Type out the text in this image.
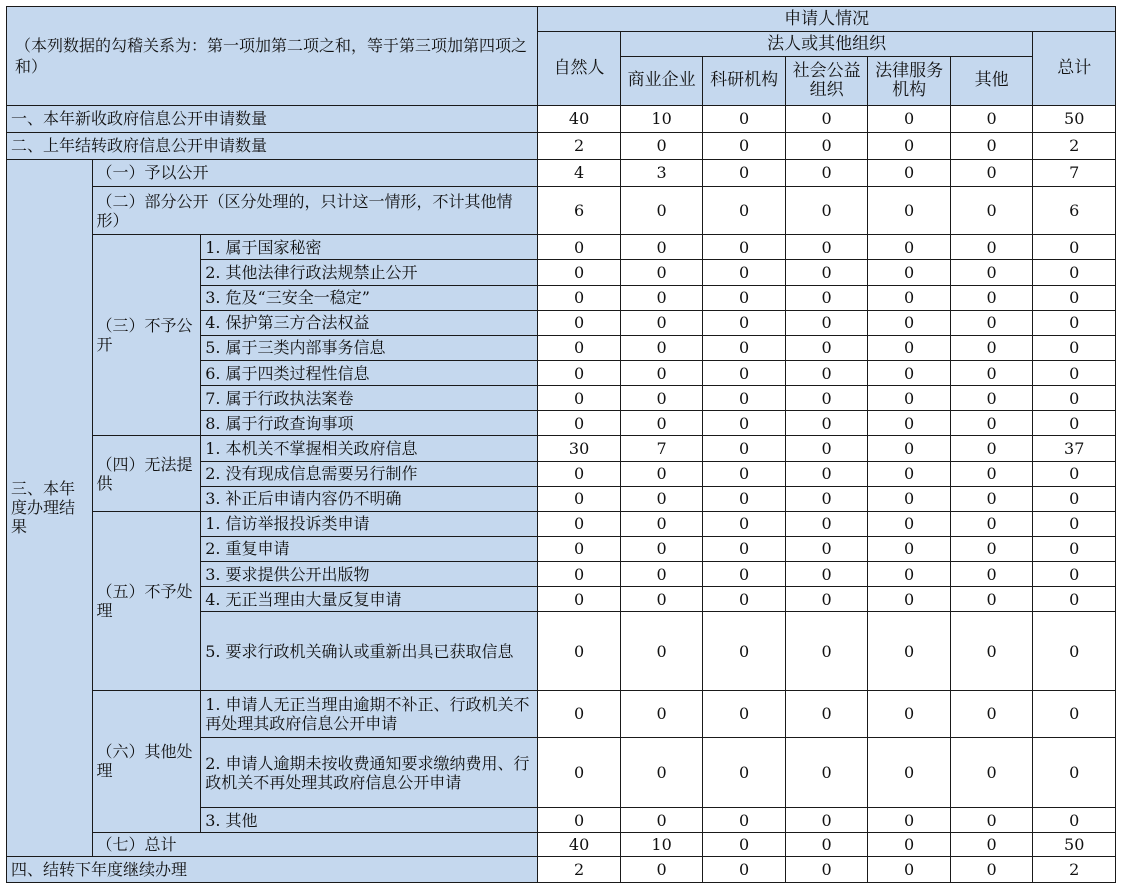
（本列数据的勾稽关系为：第一项加第二项之和，等于第三项加第四项之和）			申请人情况						
			自然人	法人或其他组织					总计
				商业企业	科研机构	社会公益组织	法律服务机构	其他	
一、本年新收政府信息公开申请数量			40	10	0	0	0	0	50
二、上年结转政府信息公开申请数量			2	0	0	0	0	0	2
三、本年度办理结果	（一）予以公开		4	3	0	0	0	0	7
	（二）部分公开（区分处理的，只计这一情形，不计其他情形）		6	0	0	0	0	0	6
	（三）不予公开	1. 属于国家秘密	0	0	0	0	0	0	0
		2. 其他法律行政法规禁止公开	0	0	0	0	0	0	0
		3. 危及“三安全一稳定”	0	0	0	0	0	0	0
		4. 保护第三方合法权益	0	0	0	0	0	0	0
		5. 属于三类内部事务信息	0	0	0	0	0	0	0
		6. 属于四类过程性信息	0	0	0	0	0	0	0
		7. 属于行政执法案卷	0	0	0	0	0	0	0
		8. 属于行政查询事项	0	0	0	0	0	0	0
	（四）无法提供	1. 本机关不掌握相关政府信息	30	7	0	0	0	0	37
		2. 没有现成信息需要另行制作	0	0	0	0	0	0	0
		3. 补正后申请内容仍不明确	0	0	0	0	0	0	0
	（五）不予处理	1. 信访举报投诉类申请	0	0	0	0	0	0	0
		2. 重复申请	0	0	0	0	0	0	0
		3. 要求提供公开出版物	0	0	0	0	0	0	0
		4. 无正当理由大量反复申请	0	0	0	0	0	0	0
		5. 要求行政机关确认或重新出具已获取信息	0	0	0	0	0	0	0
	（六）其他处理	1. 申请人无正当理由逾期不补正、行政机关不再处理其政府信息公开申请	0	0	0	0	0	0	0
		2. 申请人逾期未按收费通知要求缴纳费用、行政机关不再处理其政府信息公开申请	0	0	0	0	0	0	0
		3. 其他	0	0	0	0	0	0	0
	（七）总计		40	10	0	0	0	0	50
四、结转下年度继续办理			2	0	0	0	0	0	2
